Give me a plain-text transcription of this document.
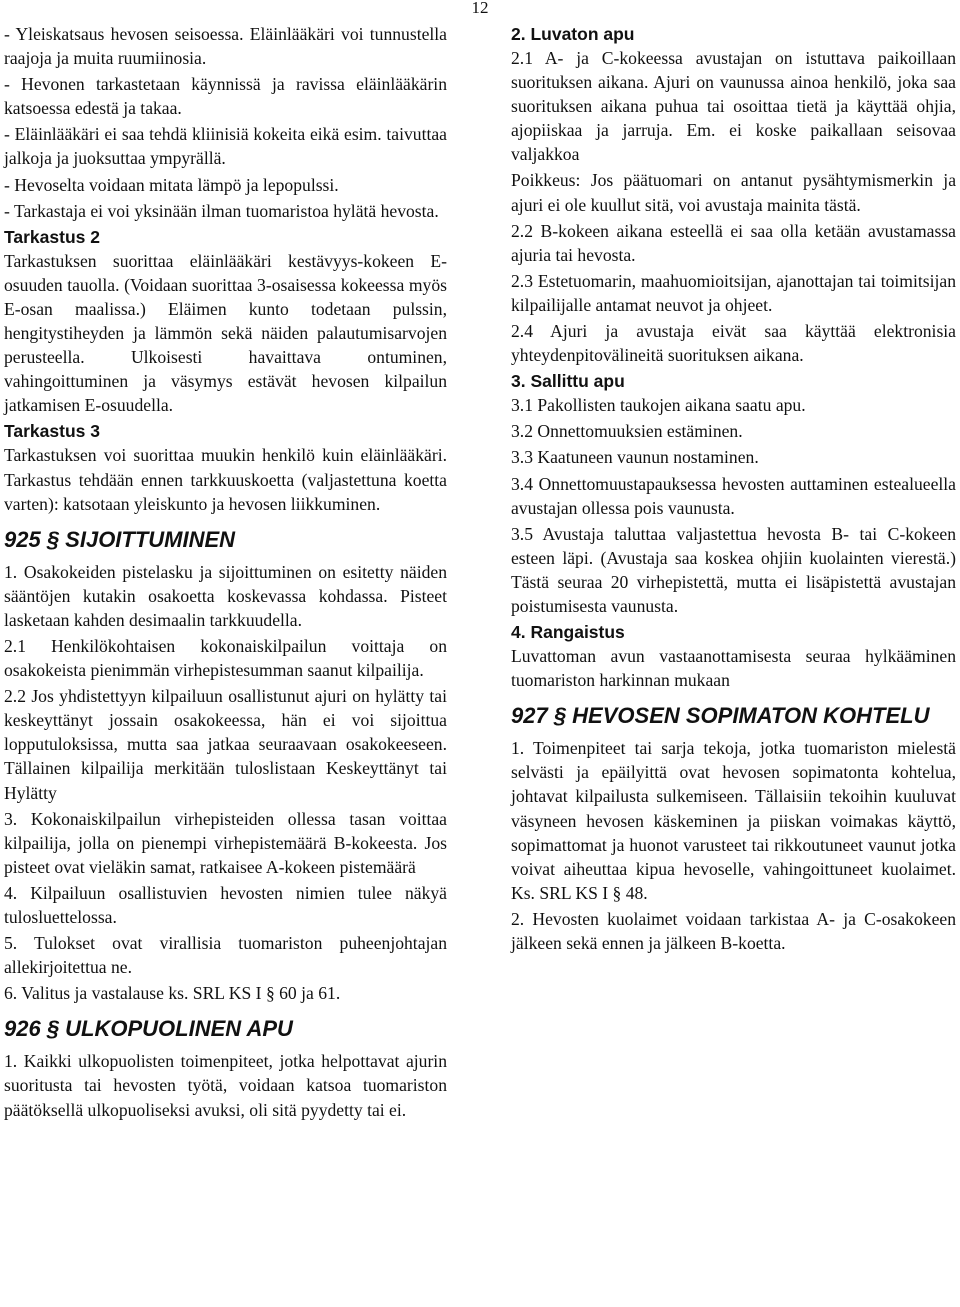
12

- Yleiskatsaus hevosen seisoessa. Eläinlääkäri voi tunnustella raajoja ja muita ruumiinosia.

- Hevonen tarkastetaan käynnissä ja ravissa eläinlääkärin katsoessa edestä ja takaa.

- Eläinlääkäri ei saa tehdä kliinisiä kokeita eikä esim. taivuttaa jalkoja ja juoksuttaa ympyrällä.

- Hevoselta voidaan mitata lämpö ja lepopulssi.

- Tarkastaja ei voi yksinään ilman tuomaristoa hylätä hevosta.

Tarkastus 2

Tarkastuksen suorittaa eläinlääkäri kestävyys-kokeen E-osuuden tauolla. (Voidaan suorittaa 3-osaisessa kokeessa myös E-osan maalissa.) Eläimen kunto todetaan pulssin, hengitystiheyden ja lämmön sekä näiden palautumisarvojen perusteella. Ulkoisesti havaittava ontuminen, vahingoittuminen ja väsymys estävät hevosen kilpailun jatkamisen E-osuudella.

Tarkastus 3

Tarkastuksen voi suorittaa muukin henkilö kuin eläinlääkäri. Tarkastus tehdään ennen tarkkuuskoetta (valjastettuna koetta varten): katsotaan yleiskunto ja hevosen liikkuminen.

925 § SIJOITTUMINEN

1. Osakokeiden pistelasku ja sijoittuminen on esitetty näiden sääntöjen kutakin osakoetta koskevassa kohdassa. Pisteet lasketaan kahden desimaalin tarkkuudella.

2.1 Henkilökohtaisen kokonaiskilpailun voittaja on osakokeista pienimmän virhepistesumman saanut kilpailija.

2.2 Jos yhdistettyyn kilpailuun osallistunut ajuri on hylätty tai keskeyttänyt jossain osakokeessa, hän ei voi sijoittua lopputuloksissa, mutta saa jatkaa seuraavaan osakokeeseen. Tällainen kilpailija merkitään tuloslistaan Keskeyttänyt tai Hylätty

3. Kokonaiskilpailun virhepisteiden ollessa tasan voittaa kilpailija, jolla on pienempi virhepistemäärä B-kokeesta. Jos pisteet ovat vieläkin samat, ratkaisee A-kokeen pistemäärä

4. Kilpailuun osallistuvien hevosten nimien tulee näkyä tulosluettelossa.

5. Tulokset ovat virallisia tuomariston puheenjohtajan allekirjoitettua ne.

6. Valitus ja vastalause ks. SRL KS I § 60 ja 61.

926 § ULKOPUOLINEN APU

1. Kaikki ulkopuolisten toimenpiteet, jotka helpottavat ajurin suoritusta tai hevosten työtä, voidaan katsoa tuomariston päätöksellä ulkopuoliseksi avuksi, oli sitä pyydetty tai ei.

2. Luvaton apu

2.1 A- ja C-kokeessa avustajan on istuttava paikoillaan suorituksen aikana. Ajuri on vaunussa ainoa henkilö, joka saa suorituksen aikana puhua tai osoittaa tietä ja käyttää ohjia, ajopiiskaa ja jarruja. Em. ei koske paikallaan seisovaa valjakkoa

Poikkeus: Jos päätuomari on antanut pysähtymismerkin ja ajuri ei ole kuullut sitä, voi avustaja mainita tästä.

2.2 B-kokeen aikana esteellä ei saa olla ketään avustamassa ajuria tai hevosta.

2.3 Estetuomarin, maahuomioitsijan, ajanottajan tai toimitsijan kilpailijalle antamat neuvot ja ohjeet.

2.4 Ajuri ja avustaja eivät saa käyttää elektronisia yhteydenpitovälineitä suorituksen aikana.

3. Sallittu apu

3.1 Pakollisten taukojen aikana saatu apu.

3.2 Onnettomuuksien estäminen.

3.3 Kaatuneen vaunun nostaminen.

3.4 Onnettomuustapauksessa hevosten auttaminen estealueella avustajan ollessa pois vaunusta.

3.5 Avustaja taluttaa valjastettua hevosta B- tai C-kokeen esteen läpi. (Avustaja saa koskea ohjiin kuolainten vierestä.) Tästä seuraa 20 virhepistettä, mutta ei lisäpistettä avustajan poistumisesta vaunusta.

4. Rangaistus

Luvattoman avun vastaanottamisesta seuraa hylkääminen tuomariston harkinnan mukaan

927 § HEVOSEN SOPIMATON KOHTELU

1. Toimenpiteet tai sarja tekoja, jotka tuomariston mielestä selvästi ja epäilyittä ovat hevosen sopimatonta kohtelua, johtavat kilpailusta sulkemiseen. Tällaisiin tekoihin kuuluvat väsyneen hevosen käskeminen ja piiskan voimakas käyttö, sopimattomat ja huonot varusteet tai rikkoutuneet vaunut jotka voivat aiheuttaa kipua hevoselle, vahingoittuneet kuolaimet. Ks. SRL KS I § 48.

2. Hevosten kuolaimet voidaan tarkistaa A- ja C-osakokeen jälkeen sekä ennen ja jälkeen B-koetta.
